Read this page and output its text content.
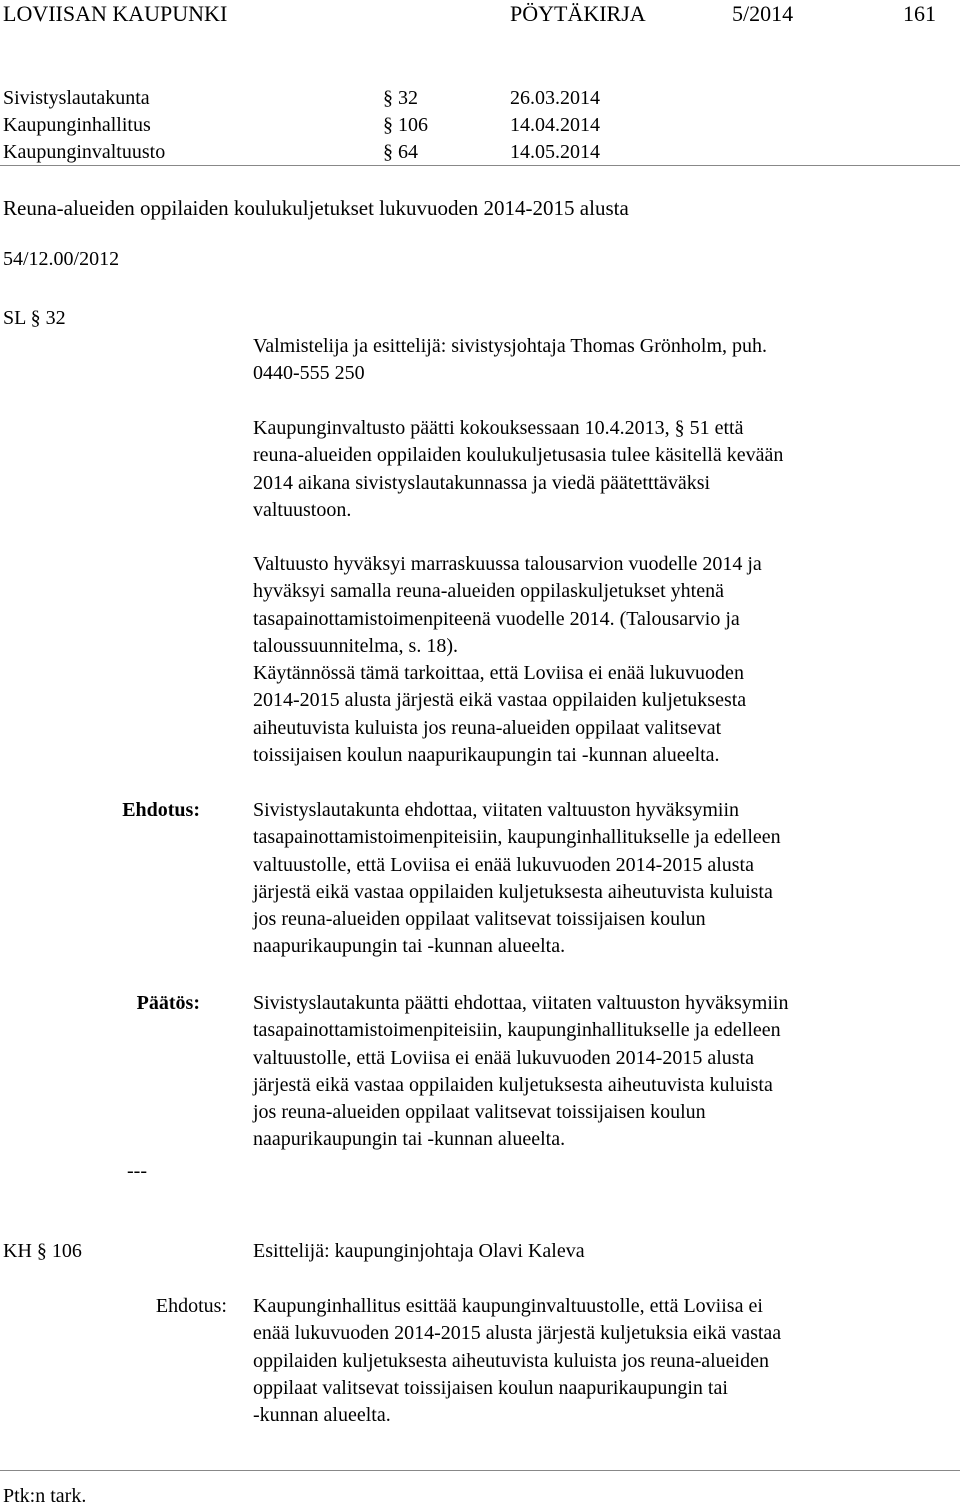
LOVIISAN KAUPUNKI	PÖYTÄKIRJA	5/2014	161
Sivistyslautakunta	§ 32	26.03.2014
Kaupunginhallitus	§ 106	14.04.2014
Kaupunginvaltuusto	§ 64	14.05.2014
Reuna-alueiden oppilaiden koulukuljetukset lukuvuoden 2014-2015 alusta
54/12.00/2012
SL § 32
Valmistelija ja esittelijä: sivistysjohtaja Thomas Grönholm, puh.
0440-555 250
Kaupunginvaltusto päätti kokouksessaan 10.4.2013, § 51 että
reuna-alueiden oppilaiden koulukuljetusasia tulee käsitellä kevään
2014 aikana sivistyslautakunnassa ja viedä päätetttäväksi
valtuustoon.
Valtuusto hyväksyi marraskuussa talousarvion vuodelle 2014 ja
hyväksyi samalla reuna-alueiden oppilaskuljetukset yhtenä
tasapainottamistoimenpiteenä vuodelle 2014. (Talousarvio ja
taloussuunnitelma, s. 18).
Käytännössä tämä tarkoittaa, että Loviisa ei enää lukuvuoden
2014-2015 alusta järjestä eikä vastaa oppilaiden kuljetuksesta
aiheutuvista kuluista jos reuna-alueiden oppilaat valitsevat
toissijaisen koulun naapurikaupungin tai -kunnan alueelta.
Ehdotus:	Sivistyslautakunta ehdottaa, viitaten valtuuston hyväksymiin
tasapainottamistoimenpiteisiin, kaupunginhallitukselle ja edelleen
valtuustolle, että Loviisa ei enää lukuvuoden 2014-2015 alusta
järjestä eikä vastaa oppilaiden kuljetuksesta aiheutuvista kuluista
jos reuna-alueiden oppilaat valitsevat toissijaisen koulun
naapurikaupungin tai -kunnan alueelta.
Päätös:	Sivistyslautakunta päätti ehdottaa, viitaten valtuuston hyväksymiin
tasapainottamistoimenpiteisiin, kaupunginhallitukselle ja edelleen
valtuustolle, että Loviisa ei enää lukuvuoden 2014-2015 alusta
järjestä eikä vastaa oppilaiden kuljetuksesta aiheutuvista kuluista
jos reuna-alueiden oppilaat valitsevat toissijaisen koulun
naapurikaupungin tai -kunnan alueelta.
---
KH § 106	Esittelijä: kaupunginjohtaja Olavi Kaleva
Ehdotus: Kaupunginhallitus esittää kaupunginvaltuustolle, että Loviisa ei
enää lukuvuoden 2014-2015 alusta järjestä kuljetuksia eikä vastaa
oppilaiden kuljetuksesta aiheutuvista kuluista jos reuna-alueiden
oppilaat valitsevat toissijaisen koulun naapurikaupungin tai
-kunnan alueelta.
Ptk:n tark.
